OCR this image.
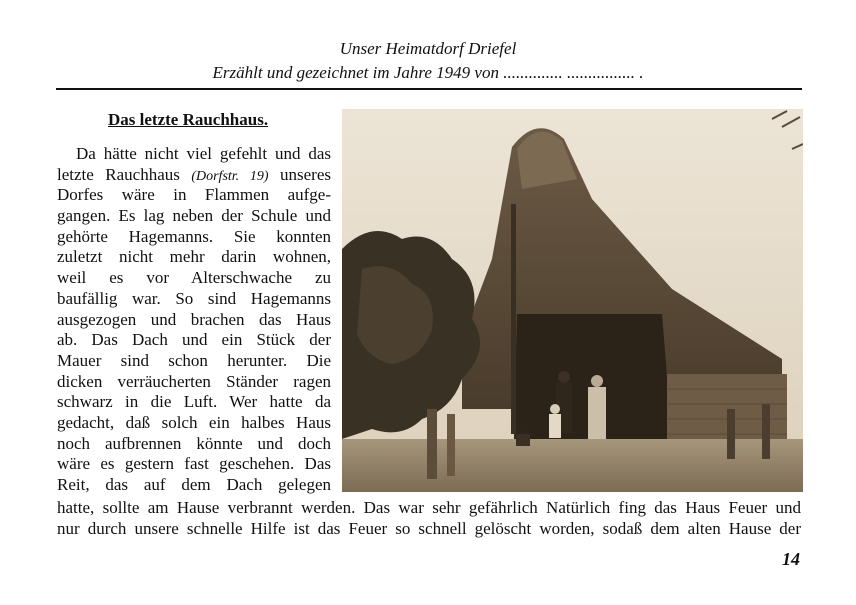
Unser Heimatdorf Driefel
Erzählt und gezeichnet im Jahre 1949 von .............. ................ .
Das letzte Rauchhaus.
Da hätte nicht viel gefehlt und das
letzte Rauchhaus (Dorfstr. 19) unseres
Dorfes wäre in Flammen aufge-
gangen. Es lag neben der Schule und
gehörte Hagemanns. Sie konnten
zuletzt nicht mehr darin wohnen,
weil es vor Alterschwache zu
baufällig war. So sind Hagemanns
ausgezogen und brachen das Haus
ab. Das Dach und ein Stück der
Mauer sind schon herunter. Die
dicken verräucherten Ständer ragen
schwarz in die Luft. Wer hatte da
gedacht, daß solch ein halbes Haus
noch aufbrennen könnte und doch
wäre es gestern fast geschehen. Das
Reit, das auf dem Dach gelegen
hatte, sollte am Hause verbrannt werden. Das war sehr gefährlich Natürlich fing das Haus Feuer und
nur durch unsere schnelle Hilfe ist das Feuer so schnell gelöscht worden, sodaß dem alten Hause der
14
